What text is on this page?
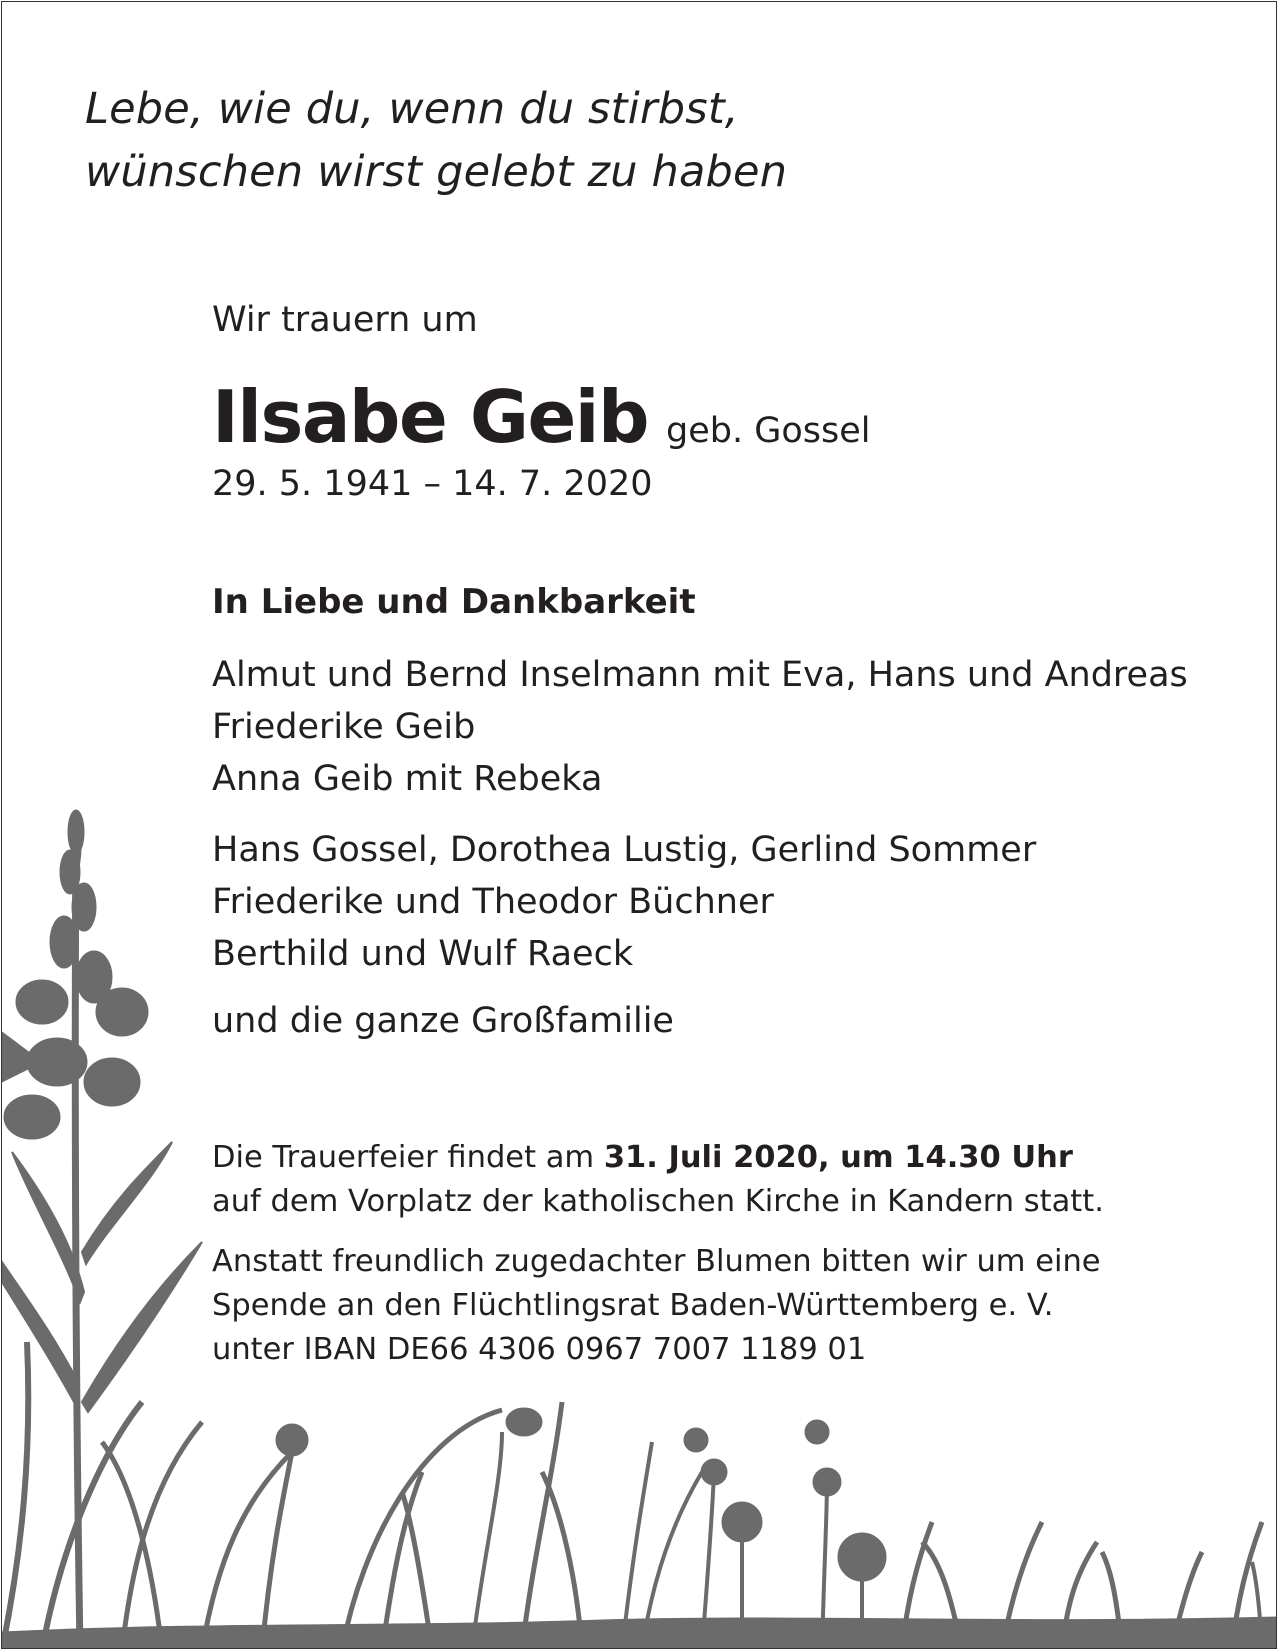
Lebe, wie du, wenn du stirbst,
wünschen wirst gelebt zu haben
Wir trauern um
Ilsabe Geib geb. Gossel
29. 5. 1941 – 14. 7. 2020
In Liebe und Dankbarkeit
Almut und Bernd Inselmann mit Eva, Hans und Andreas
Friederike Geib
Anna Geib mit Rebeka
Hans Gossel, Dorothea Lustig, Gerlind Sommer
Friederike und Theodor Büchner
Berthild und Wulf Raeck
und die ganze Großfamilie
Die Trauerfeier findet am 31. Juli 2020, um 14.30 Uhr
auf dem Vorplatz der katholischen Kirche in Kandern statt.
Anstatt freundlich zugedachter Blumen bitten wir um eine
Spende an den Flüchtlingsrat Baden-Württemberg e. V.
unter IBAN DE66 4306 0967 7007 1189 01
